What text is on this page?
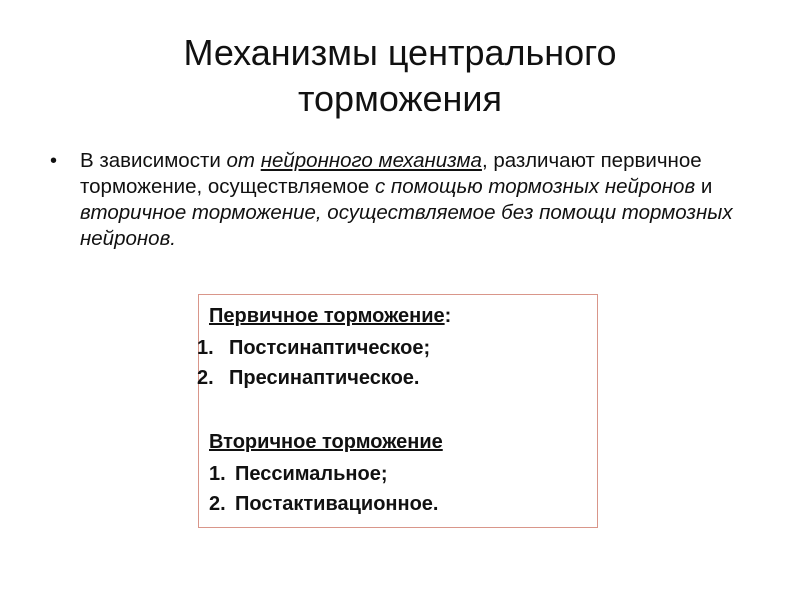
Механизмы центрального
торможения
• В зависимости от нейронного механизма, различают первичное торможение, осуществляемое с помощью тормозных нейронов и вторичное торможение, осуществляемое без помощи тормозных нейронов.
Первичное торможение:
1. Постсинаптическое;
2. Пресинаптическое.
Вторичное торможение
1. Пессимальное;
2. Постактивационное.
